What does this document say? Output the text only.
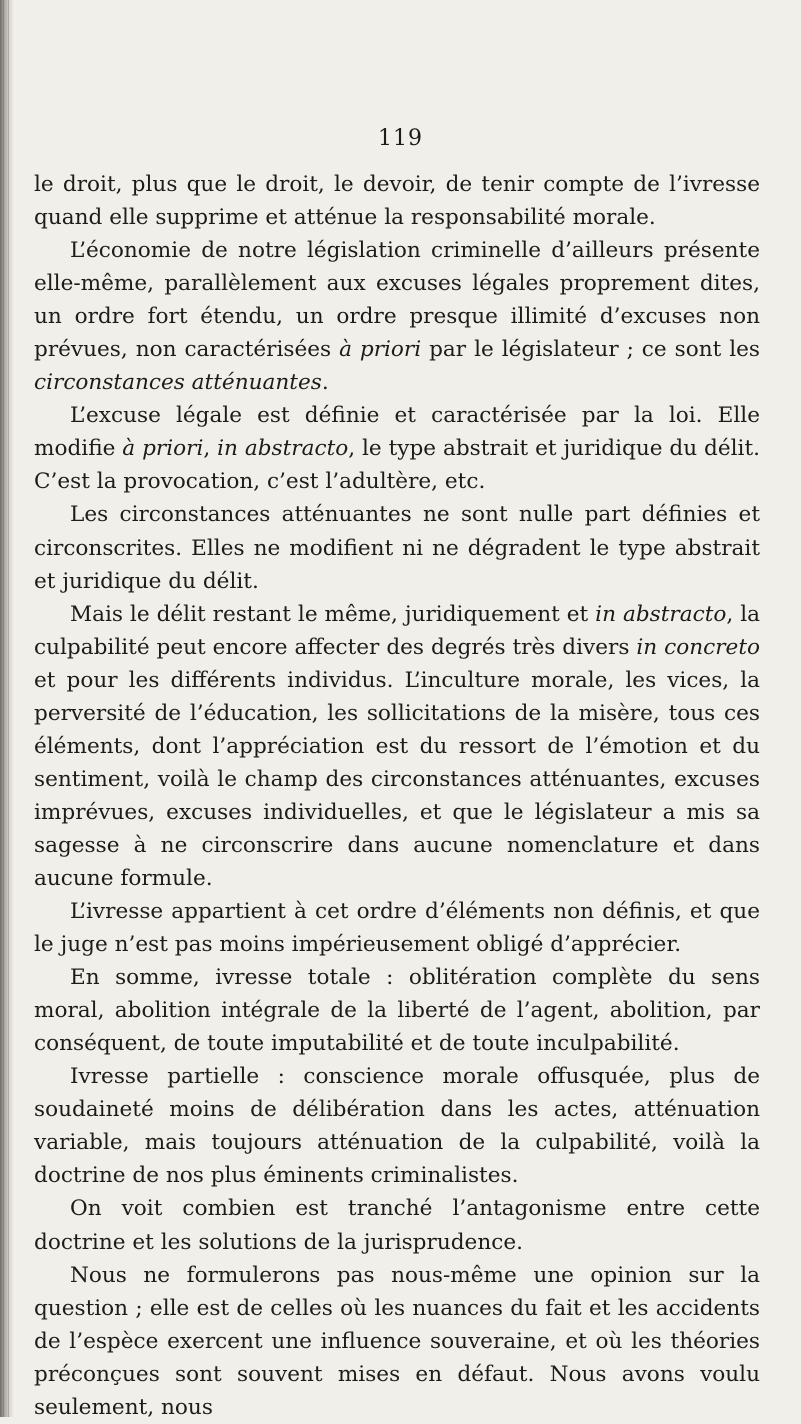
119

le droit, plus que le droit, le devoir, de tenir compte de l’ivresse quand elle supprime et atténue la responsabilité morale.

L’économie de notre législation criminelle d’ailleurs présente elle-même, parallèlement aux excuses légales proprement dites, un ordre fort étendu, un ordre presque illimité d’excuses non prévues, non caractérisées à priori par le législateur ; ce sont les circonstances atténuantes.

L’excuse légale est définie et caractérisée par la loi. Elle modifie à priori, in abstracto, le type abstrait et juridique du délit. C’est la provocation, c’est l’adultère, etc.

Les circonstances atténuantes ne sont nulle part définies et circonscrites. Elles ne modifient ni ne dégradent le type abstrait et juridique du délit.

Mais le délit restant le même, juridiquement et in abstracto, la culpabilité peut encore affecter des degrés très divers in concreto et pour les différents individus. L’inculture morale, les vices, la perversité de l’éducation, les sollicitations de la misère, tous ces éléments, dont l’appréciation est du ressort de l’émotion et du sentiment, voilà le champ des circonstances atténuantes, excuses imprévues, excuses individuelles, et que le législateur a mis sa sagesse à ne circonscrire dans aucune nomenclature et dans aucune formule.

L’ivresse appartient à cet ordre d’éléments non définis, et que le juge n’est pas moins impérieusement obligé d’apprécier.

En somme, ivresse totale : oblitération complète du sens moral, abolition intégrale de la liberté de l’agent, abolition, par conséquent, de toute imputabilité et de toute inculpabilité.

Ivresse partielle : conscience morale offusquée, plus de soudaineté moins de délibération dans les actes, atténuation variable, mais toujours atténuation de la culpabilité, voilà la doctrine de nos plus éminents criminalistes.

On voit combien est tranché l’antagonisme entre cette doctrine et les solutions de la jurisprudence.

Nous ne formulerons pas nous-même une opinion sur la question ; elle est de celles où les nuances du fait et les accidents de l’espèce exercent une influence souveraine, et où les théories préconçues sont souvent mises en défaut. Nous avons voulu seulement, nous
